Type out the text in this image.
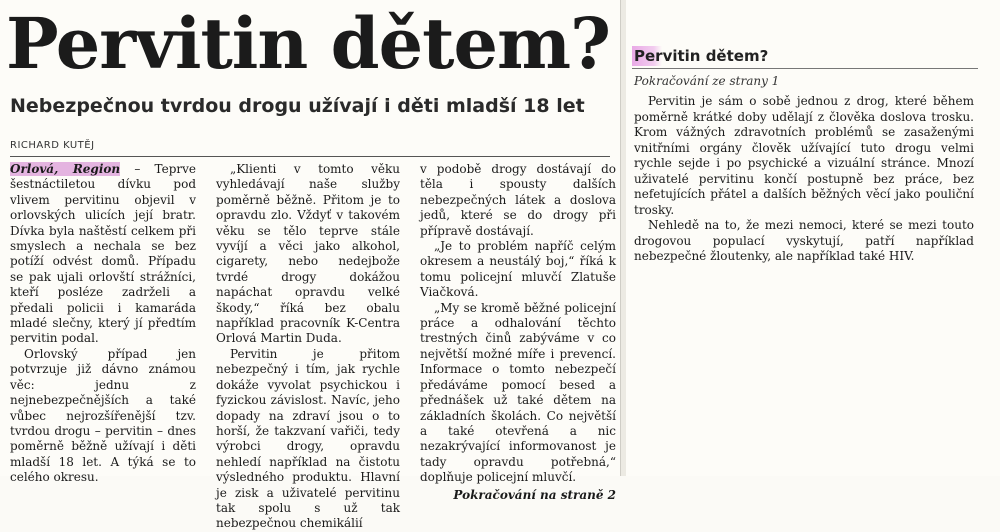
Pervitin dětem?
Nebezpečnou tvrdou drogu užívají i děti mladší 18 let
RICHARD KUTĚJ

Orlová, Region – Teprve šestnáctiletou dívku pod vlivem pervitinu objevil v orlovských ulicích její bratr. Dívka byla naštěstí celkem při smyslech a nechala se bez potíží odvést domů. Případu se pak ujali orlovští strážníci, kteří posléze zadrželi a předali policii i kamaráda mladé slečny, který jí předtím pervitin podal.

Orlovský případ jen potvrzuje již dávno známou věc: jednu z nejnebezpečnějších a také vůbec nejrozšířenější tzv. tvrdou drogu – pervitin – dnes poměrně běžně užívají i děti mladší 18 let. A týká se to celého okresu.

„Klienti v tomto věku vyhledávají naše služby poměrně běžně. Přitom je to opravdu zlo. Vždyť v takovém věku se tělo teprve stále vyvíjí a věci jako alkohol, cigarety, nebo nedejbože tvrdé drogy dokážou napáchat opravdu velké škody,“ říká bez obalu například pracovník K-Centra Orlová Martin Duda.

Pervitin je přitom nebezpečný i tím, jak rychle dokáže vyvolat psychickou i fyzickou závislost. Navíc, jeho dopady na zdraví jsou o to horší, že takzvaní vařiči, tedy výrobci drogy, opravdu nehledí například na čistotu výsledného produktu. Hlavní je zisk a uživatelé pervitinu tak spolu s už tak nebezpečnou chemikálií

v podobě drogy dostávají do těla i spousty dalších nebezpečných látek a doslova jedů, které se do drogy při přípravě dostávají.

„Je to problém napříč celým okresem a neustálý boj,“ říká k tomu policejní mluvčí Zlatuše Viačková.

„My se kromě běžné policejní práce a odhalování těchto trestných činů zabýváme v co největší možné míře i prevencí. Informace o tomto nebezpečí předáváme pomocí besed a přednášek už také dětem na základních školách. Co největší a také otevřená a nic nezakrývající informovanost je tady opravdu potřebná,“ doplňuje policejní mluvčí.

Pokračování na straně 2
Pervitin dětem?
Pokračování ze strany 1

Pervitin je sám o sobě jednou z drog, které během poměrně krátké doby udělají z člověka doslova trosku. Krom vážných zdravotních problémů se zasaženými vnitřními orgány člověk užívající tuto drogu velmi rychle sejde i po psychické a vizuální stránce. Mnozí uživatelé pervitinu končí postupně bez práce, bez nefetujících přátel a dalších běžných věcí jako pouliční trosky.

Nehledě na to, že mezi nemoci, které se mezi touto drogovou populací vyskytují, patří například nebezpečné žloutenky, ale například také HIV.
